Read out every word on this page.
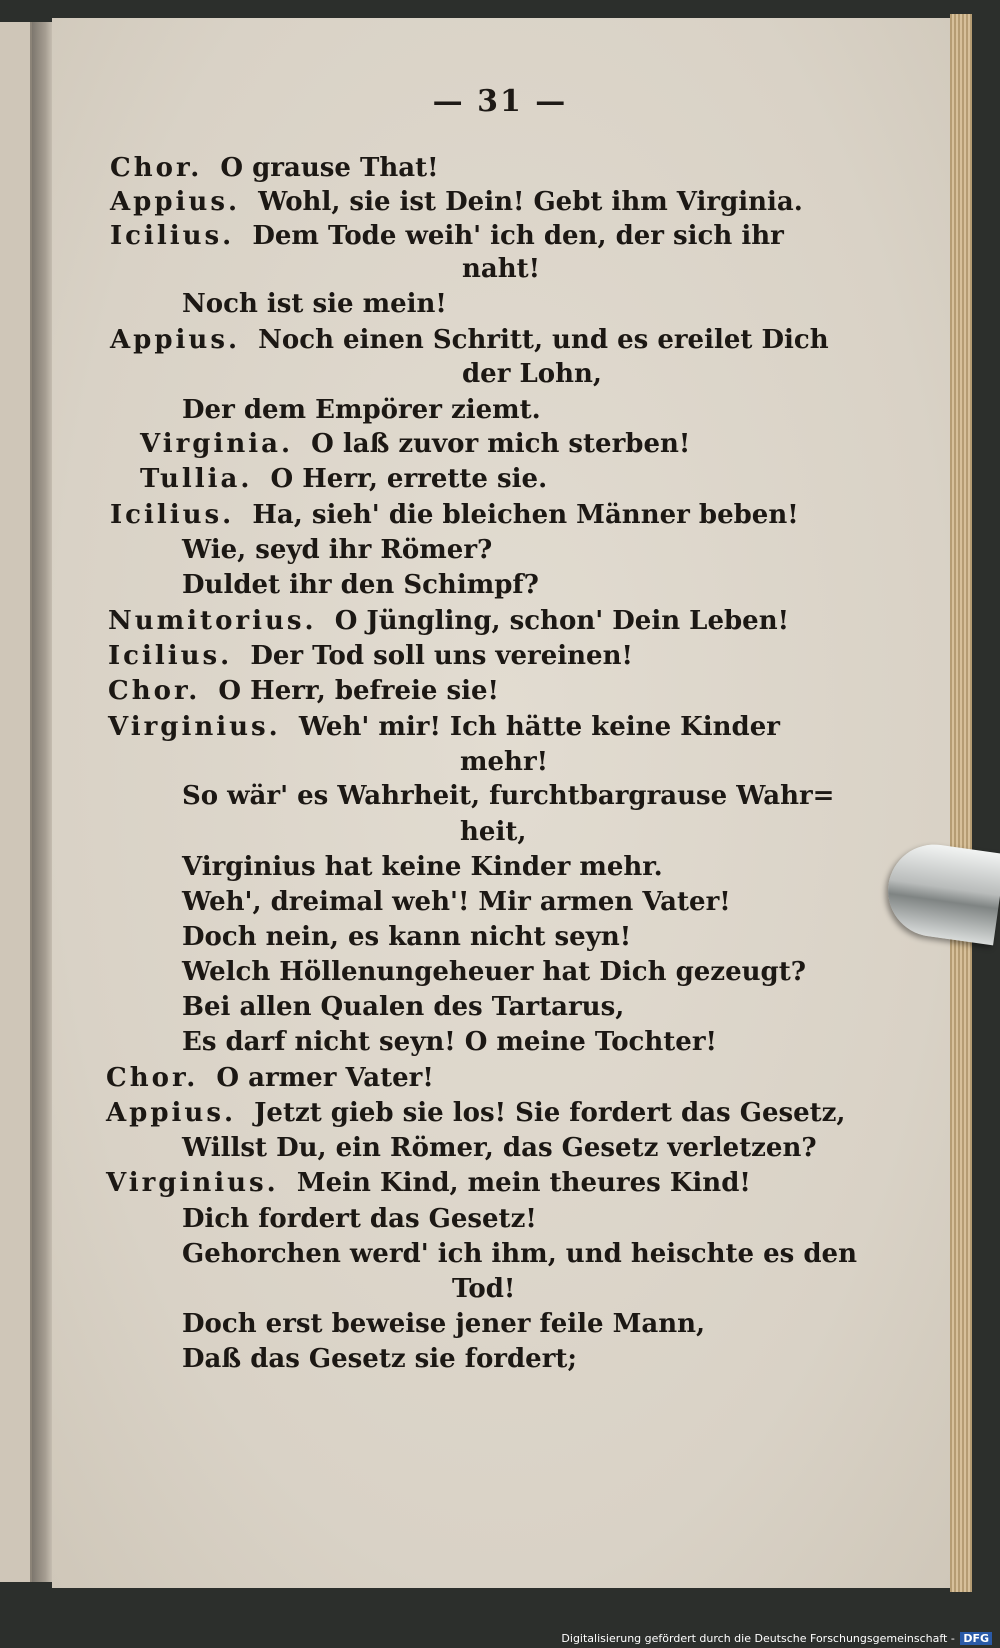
— 31 —
Chor. O grause That!
Appius. Wohl, sie ist Dein! Gebt ihm Virginia.
Icilius. Dem Tode weih' ich den, der sich ihr
naht!
Noch ist sie mein!
Appius. Noch einen Schritt, und es ereilet Dich
der Lohn,
Der dem Empörer ziemt.
Virginia. O laß zuvor mich sterben!
Tullia. O Herr, errette sie.
Icilius. Ha, sieh' die bleichen Männer beben!
Wie, seyd ihr Römer?
Duldet ihr den Schimpf?
Numitorius. O Jüngling, schon' Dein Leben!
Icilius. Der Tod soll uns vereinen!
Chor. O Herr, befreie sie!
Virginius. Weh' mir! Ich hätte keine Kinder
mehr!
So wär' es Wahrheit, furchtbargrause Wahr=
heit,
Virginius hat keine Kinder mehr.
Weh', dreimal weh'! Mir armen Vater!
Doch nein, es kann nicht seyn!
Welch Höllenungeheuer hat Dich gezeugt?
Bei allen Qualen des Tartarus,
Es darf nicht seyn! O meine Tochter!
Chor. O armer Vater!
Appius. Jetzt gieb sie los! Sie fordert das Gesetz,
Willst Du, ein Römer, das Gesetz verletzen?
Virginius. Mein Kind, mein theures Kind!
Dich fordert das Gesetz!
Gehorchen werd' ich ihm, und heischte es den
Tod!
Doch erst beweise jener feile Mann,
Daß das Gesetz sie fordert;
Digitalisierung gefördert durch die Deutsche Forschungsgemeinschaft - DFG
